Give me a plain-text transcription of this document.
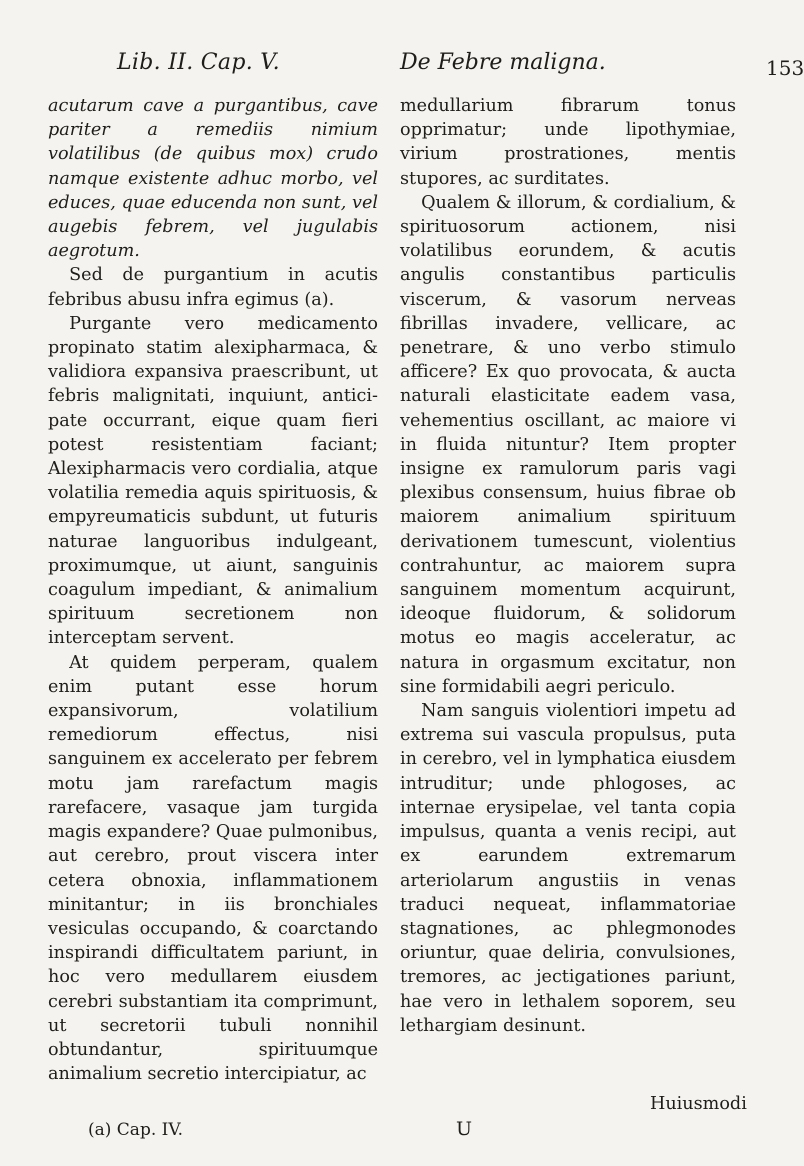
Lib. II. Cap. V.	De Febre maligna.	153

acutarum cave a purgantibus, cave pariter a remediis nimium volatilibus (de quibus mox) crudo namque existente adhuc morbo, vel educes, quae educenda non sunt, vel augebis febrem, vel jugulabis aegrotum.

Sed de purgantium in acutis febribus abusu infra egimus (a).

Purgante vero medicamento propinato statim alexipharmaca, & validiora expansiva praescribunt, ut febris malignitati, inquiunt, antici-pate occurrant, eique quam fieri potest resistentiam faciant; Alexipharmacis vero cordialia, atque volatilia remedia aquis spirituosis, & empyreumaticis subdunt, ut futuris naturae languoribus indulgeant, proximumque, ut aiunt, sanguinis coagulum impediant, & animalium spirituum secretionem non interceptam servent.

At quidem perperam, qualem enim putant esse horum expansivorum, volatilium remediorum effectus, nisi sanguinem ex accelerato per febrem motu jam rarefactum magis rarefacere, vasaque jam turgida magis expandere? Quae pulmonibus, aut cerebro, prout viscera inter cetera obnoxia, inflammationem minitantur; in iis bronchiales vesiculas occupando, & coarctando inspirandi difficultatem pariunt, in hoc vero medullarem eiusdem cerebri substantiam ita comprimunt, ut secretorii tubuli nonnihil obtundantur, spirituumque animalium secretio intercipiatur, ac

medullarium fibrarum tonus opprimatur; unde lipothymiae, virium prostrationes, mentis stupores, ac surditates.

Qualem & illorum, & cordialium, & spirituosorum actionem, nisi volatilibus eorundem, & acutis angulis constantibus particulis viscerum, & vasorum nerveas fibrillas invadere, vellicare, ac penetrare, & uno verbo stimulo afficere? Ex quo provocata, & aucta naturali elasticitate eadem vasa, vehementius oscillant, ac maiore vi in fluida nituntur? Item propter insigne ex ramulorum paris vagi plexibus consensum, huius fibrae ob maiorem animalium spirituum derivationem tumescunt, violentius contrahuntur, ac maiorem supra sanguinem momentum acquirunt, ideoque fluidorum, & solidorum motus eo magis acceleratur, ac natura in orgasmum excitatur, non sine formidabili aegri periculo.

Nam sanguis violentiori impetu ad extrema sui vascula propulsus, puta in cerebro, vel in lymphatica eiusdem intruditur; unde phlogoses, ac internae erysipelae, vel tanta copia impulsus, quanta a venis recipi, aut ex earundem extremarum arteriolarum angustiis in venas traduci nequeat, inflammatoriae stagnationes, ac phlegmonodes oriuntur, quae deliria, convulsiones, tremores, ac jectigationes pariunt, hae vero in lethalem soporem, seu lethargiam desinunt.

(a) Cap. IV.	U
Huiusmodi
